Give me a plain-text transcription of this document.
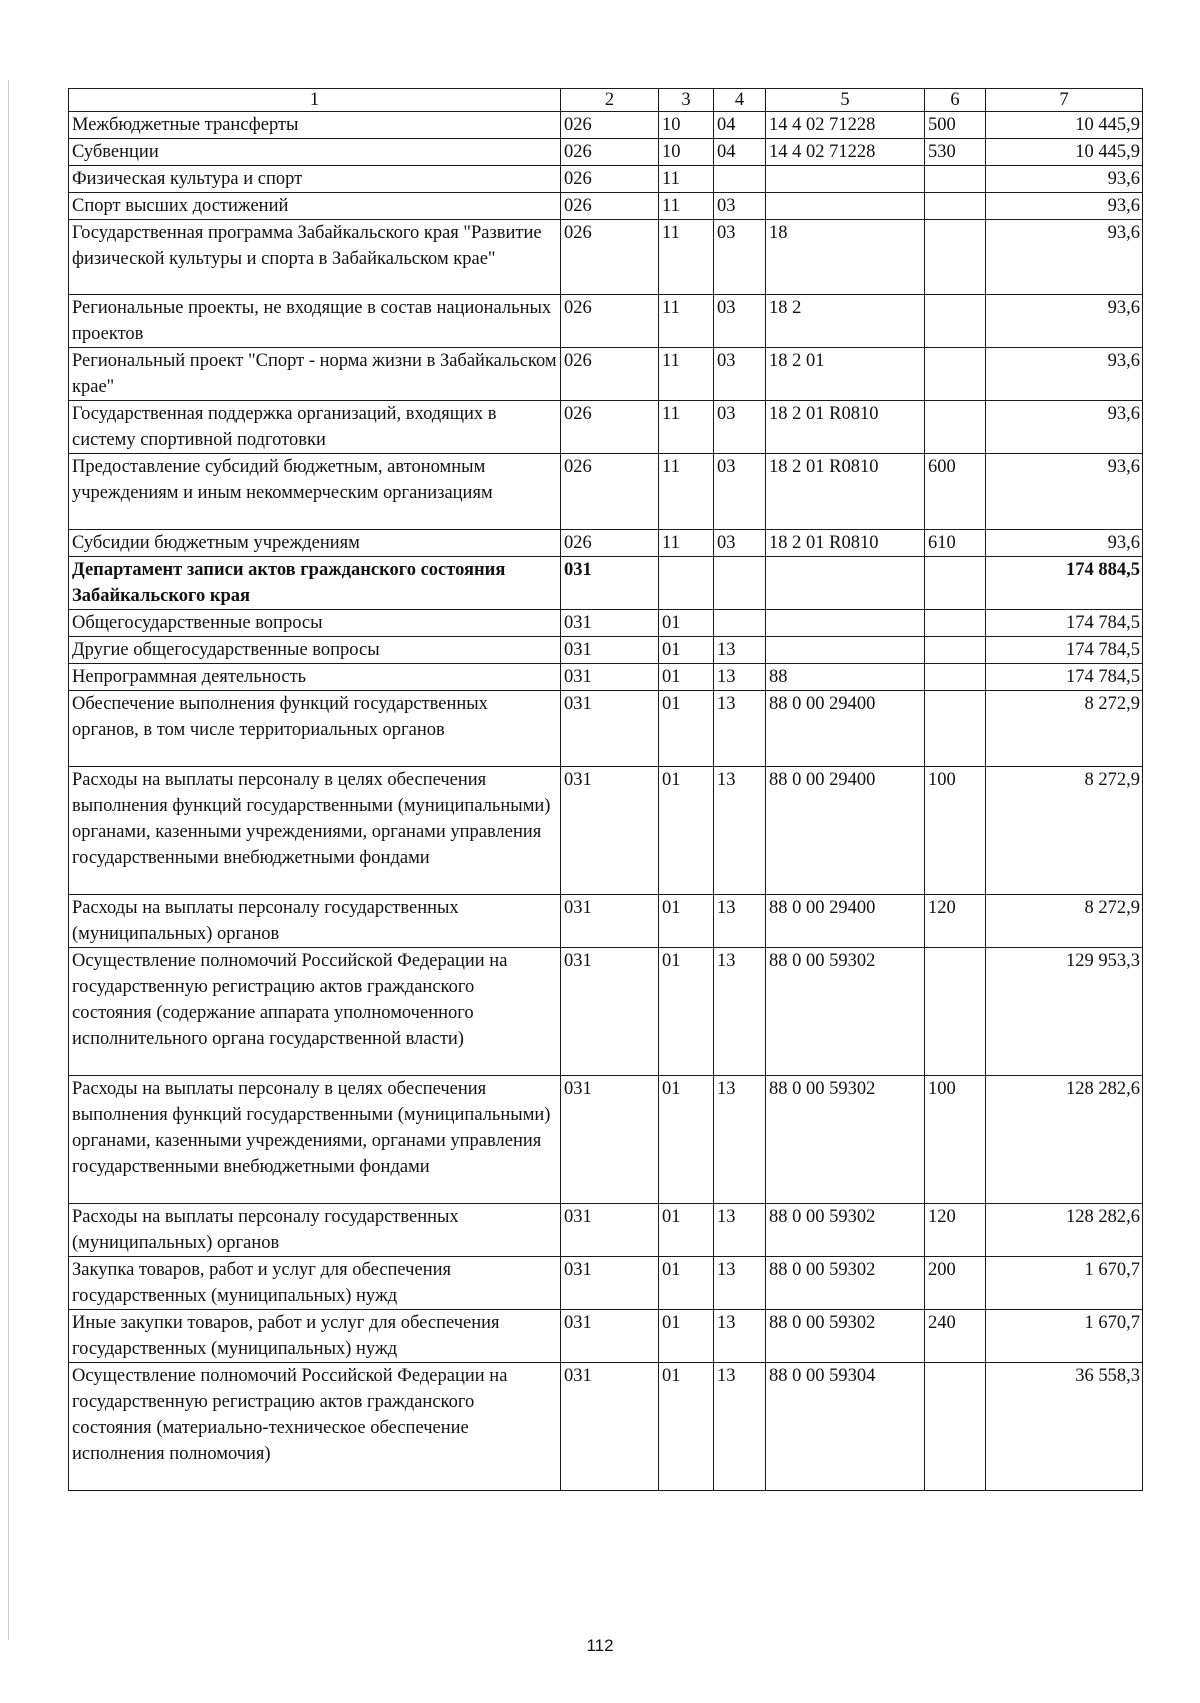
1	2	3	4	5	6	7
Межбюджетные трансферты	026	10	04	14 4 02 71228	500	10 445,9
Субвенции	026	10	04	14 4 02 71228	530	10 445,9
Физическая культура и спорт	026	11				93,6
Спорт высших достижений	026	11	03			93,6
Государственная программа Забайкальского края "Развитие физической культуры и спорта в Забайкальском крае"	026	11	03	18		93,6
Региональные проекты, не входящие в состав национальных проектов	026	11	03	18 2		93,6
Региональный проект "Спорт - норма жизни в Забайкальском крае"	026	11	03	18 2 01		93,6
Государственная поддержка организаций, входящих в систему спортивной подготовки	026	11	03	18 2 01 R0810		93,6
Предоставление субсидий бюджетным, автономным учреждениям и иным некоммерческим организациям	026	11	03	18 2 01 R0810	600	93,6
Субсидии бюджетным учреждениям	026	11	03	18 2 01 R0810	610	93,6
Департамент записи актов гражданского состояния Забайкальского края	031					174 884,5
Общегосударственные вопросы	031	01				174 784,5
Другие общегосударственные вопросы	031	01	13			174 784,5
Непрограммная деятельность	031	01	13	88		174 784,5
Обеспечение выполнения функций государственных органов, в том числе территориальных органов	031	01	13	88 0 00 29400		8 272,9
Расходы на выплаты персоналу в целях обеспечения выполнения функций государственными (муниципальными) органами, казенными учреждениями, органами управления государственными внебюджетными фондами	031	01	13	88 0 00 29400	100	8 272,9
Расходы на выплаты персоналу государственных (муниципальных) органов	031	01	13	88 0 00 29400	120	8 272,9
Осуществление полномочий Российской Федерации на государственную регистрацию актов гражданского состояния (содержание аппарата уполномоченного исполнительного органа государственной власти)	031	01	13	88 0 00 59302		129 953,3
Расходы на выплаты персоналу в целях обеспечения выполнения функций государственными (муниципальными) органами, казенными учреждениями, органами управления государственными внебюджетными фондами	031	01	13	88 0 00 59302	100	128 282,6
Расходы на выплаты персоналу государственных (муниципальных) органов	031	01	13	88 0 00 59302	120	128 282,6
Закупка товаров, работ и услуг для обеспечения государственных (муниципальных) нужд	031	01	13	88 0 00 59302	200	1 670,7
Иные закупки товаров, работ и услуг для обеспечения государственных (муниципальных) нужд	031	01	13	88 0 00 59302	240	1 670,7
Осуществление полномочий Российской Федерации на государственную регистрацию актов гражданского состояния (материально-техническое обеспечение исполнения полномочия)	031	01	13	88 0 00 59304		36 558,3
112
